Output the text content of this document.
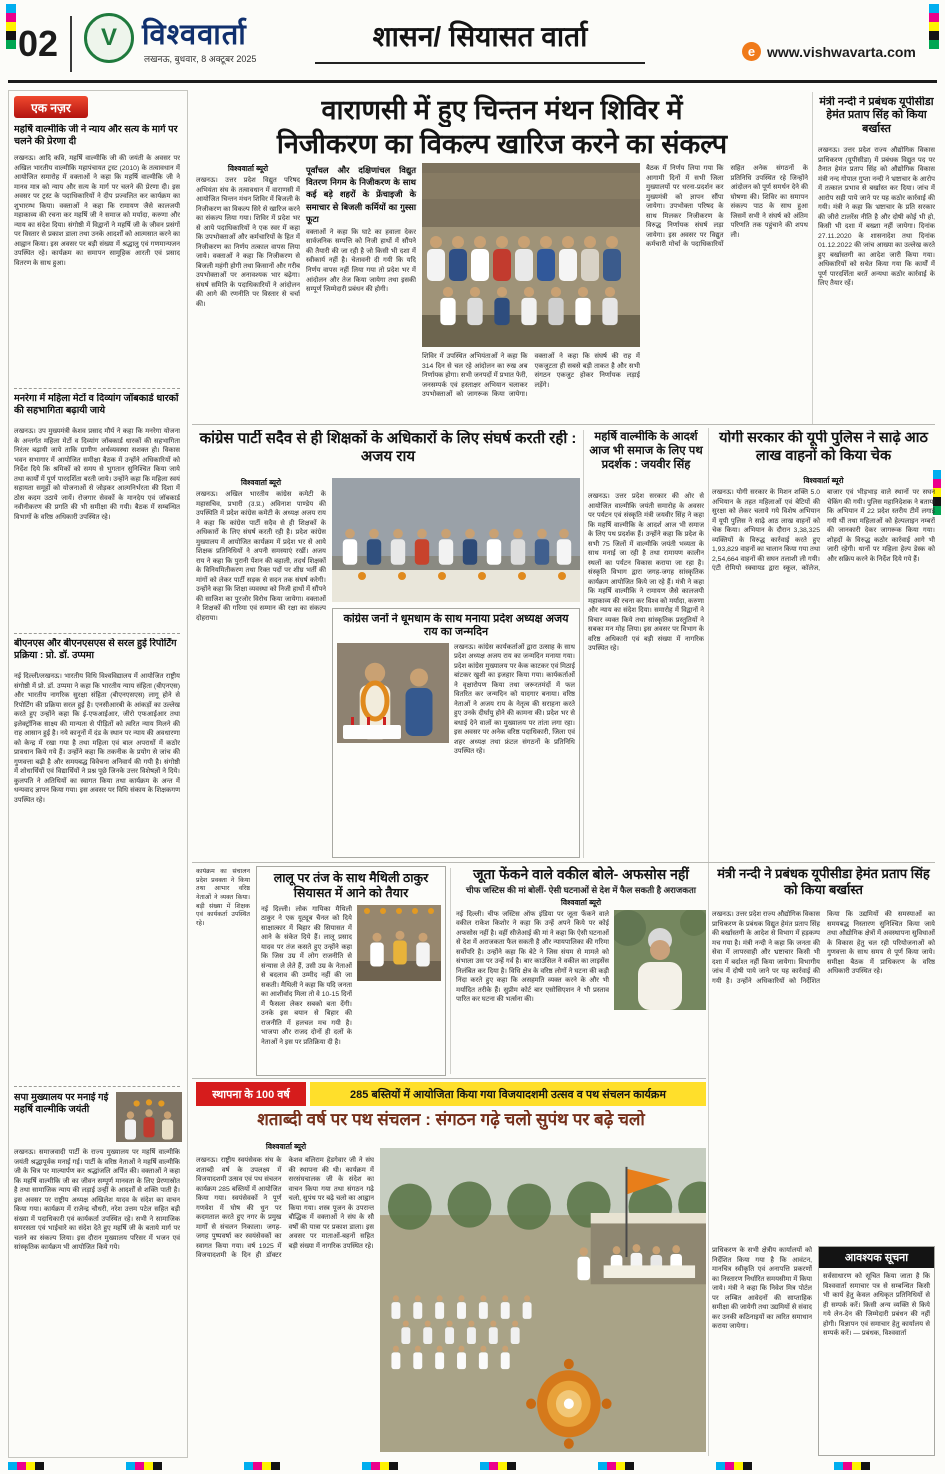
02	V विश्ववार्ता
लखनऊ, बुधवार, 8 अक्टूबर 2025
शासन/ सियासत वार्ता	e www.vishwavarta.com
एक नज़र
महर्षि वाल्मीकि जी ने न्याय और सत्य के मार्ग पर चलने की प्रेरणा दी
लखनऊ। आदि कवि, महर्षि वाल्मीकि जी की जयंती के अवसर पर अखिल भारतीय वाल्मीकि महापंचायत ट्रस्ट (2010) के तत्वावधान में आयोजित समारोह में वक्ताओं ने कहा कि महर्षि वाल्मीकि जी ने मानव मात्र को न्याय और सत्य के मार्ग पर चलने की प्रेरणा दी। इस अवसर पर ट्रस्ट के पदाधिकारियों ने दीप प्रज्वलित कर कार्यक्रम का शुभारम्भ किया। वक्ताओं ने कहा कि रामायण जैसे कालजयी महाकाव्य की रचना कर महर्षि जी ने समाज को मर्यादा, करुणा और न्याय का संदेश दिया। संगोष्ठी में विद्वानों ने महर्षि जी के जीवन प्रसंगों पर विस्तार से प्रकाश डाला तथा उनके आदर्शों को आत्मसात करने का आह्वान किया। इस अवसर पर बड़ी संख्या में श्रद्धालु एवं गणमान्यजन उपस्थित रहे। कार्यक्रम का समापन सामूहिक आरती एवं प्रसाद वितरण के साथ हुआ।
मनरेगा में महिला मेटों व दिव्यांग जॉबकार्ड धारकों की सहभागिता बढ़ायी जाये
लखनऊ। उप मुख्यमंत्री केशव प्रसाद मौर्य ने कहा कि मनरेगा योजना के अन्तर्गत महिला मेटों व दिव्यांग जॉबकार्ड धारकों की सहभागिता निरंतर बढ़ायी जाये ताकि ग्रामीण अर्थव्यवस्था सशक्त हो। विकास भवन सभागार में आयोजित समीक्षा बैठक में उन्होंने अधिकारियों को निर्देश दिये कि श्रमिकों को समय से भुगतान सुनिश्चित किया जाये तथा कार्यों में पूर्ण पारदर्शिता बरती जाये। उन्होंने कहा कि महिला स्वयं सहायता समूहों को योजनाओं से जोड़कर आत्मनिर्भरता की दिशा में ठोस कदम उठाये जायें। रोजगार सेवकों के मानदेय एवं जॉबकार्ड नवीनीकरण की प्रगति की भी समीक्षा की गयी। बैठक में सम्बन्धित विभागों के वरिष्ठ अधिकारी उपस्थित रहे।
बीएनएस और बीएनएसएस से सरल हुई रिपोर्टिंग प्रक्रिया : प्रो. डॉ. उप्पमा
नई दिल्ली/लखनऊ। भारतीय विधि विश्वविद्यालय में आयोजित राष्ट्रीय संगोष्ठी में प्रो. डॉ. उप्पमा ने कहा कि भारतीय न्याय संहिता (बीएनएस) और भारतीय नागरिक सुरक्षा संहिता (बीएनएसएस) लागू होने से रिपोर्टिंग की प्रक्रिया सरल हुई है। एनसीआरबी के आंकड़ों का उल्लेख करते हुए उन्होंने कहा कि ई-एफआईआर, जीरो एफआईआर तथा इलेक्ट्रॉनिक साक्ष्य की मान्यता से पीड़ितों को त्वरित न्याय मिलने की राह आसान हुई है। नये कानूनों में दंड के स्थान पर न्याय की अवधारणा को केन्द्र में रखा गया है तथा महिला एवं बाल अपराधों में कठोर प्रावधान किये गये हैं। उन्होंने कहा कि तकनीक के प्रयोग से जांच की गुणवत्ता बढ़ी है और समयबद्ध विवेचना अनिवार्य की गयी है। संगोष्ठी में शोधार्थियों एवं विद्यार्थियों ने प्रश्न पूछे जिनके उत्तर विशेषज्ञों ने दिये। कुलपति ने अतिथियों का स्वागत किया तथा कार्यक्रम के अन्त में धन्यवाद ज्ञापन किया गया। इस अवसर पर विधि संकाय के शिक्षकगण उपस्थित रहे।
सपा मुख्यालय पर मनाई गई महर्षि वाल्मीकि जयंती
लखनऊ। समाजवादी पार्टी के राज्य मुख्यालय पर महर्षि वाल्मीकि जयंती श्रद्धापूर्वक मनाई गई। पार्टी के वरिष्ठ नेताओं ने महर्षि वाल्मीकि जी के चित्र पर माल्यार्पण कर श्रद्धांजलि अर्पित की। वक्ताओं ने कहा कि महर्षि वाल्मीकि जी का जीवन सम्पूर्ण मानवता के लिए प्रेरणास्रोत है तथा सामाजिक न्याय की लड़ाई उन्हीं के आदर्शों से शक्ति पाती है। इस अवसर पर राष्ट्रीय अध्यक्ष अखिलेश यादव के संदेश का वाचन किया गया। कार्यक्रम में राजेन्द्र चौधरी, नरेश उत्तम पटेल सहित बड़ी संख्या में पदाधिकारी एवं कार्यकर्ता उपस्थित रहे। सभी ने सामाजिक समरसता एवं भाईचारे का संदेश देते हुए महर्षि जी के बताये मार्ग पर चलने का संकल्प लिया। इस दौरान मुख्यालय परिसर में भजन एवं सांस्कृतिक कार्यक्रम भी आयोजित किये गये।
वाराणसी में हुए चिन्तन मंथन शिविर में
निजीकरण का विकल्प खारिज करने का संकल्प
विश्ववार्ता ब्यूरो
लखनऊ। उत्तर प्रदेश विद्युत परिषद अभियंता संघ के तत्वावधान में वाराणसी में आयोजित चिन्तन मंथन शिविर में बिजली के निजीकरण का विकल्प सिरे से खारिज करने का संकल्प लिया गया। शिविर में प्रदेश भर से आये पदाधिकारियों ने एक स्वर में कहा कि उपभोक्ताओं और कर्मचारियों के हित में निजीकरण का निर्णय तत्काल वापस लिया जाये। वक्ताओं ने कहा कि निजीकरण से बिजली महंगी होगी तथा किसानों और गरीब उपभोक्ताओं पर अनावश्यक भार बढ़ेगा। संघर्ष समिति के पदाधिकारियों ने आंदोलन की आगे की रणनीति पर विस्तार से चर्चा की।
पूर्वांचल और दक्षिणांचल विद्युत वितरण निगम के निजीकरण के साथ कई बड़े शहरों के फ्रेंचाइजी के समाचार से बिजली कर्मियों का गुस्सा फूटा
वक्ताओं ने कहा कि घाटे का हवाला देकर सार्वजनिक सम्पत्ति को निजी हाथों में सौंपने की तैयारी की जा रही है जो किसी भी दशा में स्वीकार्य नहीं है। चेतावनी दी गयी कि यदि निर्णय वापस नहीं लिया गया तो प्रदेश भर में आंदोलन और तेज किया जायेगा तथा इसकी सम्पूर्ण जिम्मेदारी प्रबंधन की होगी।
शिविर में उपस्थित अभियंताओं ने कहा कि 314 दिन से चल रहे आंदोलन का रुख अब निर्णायक होगा। सभी जनपदों में प्रभात फेरी, जनसम्पर्क एवं हस्ताक्षर अभियान चलाकर उपभोक्ताओं को जागरूक किया जायेगा। वक्ताओं ने कहा कि संघर्ष की राह में एकजुटता ही सबसे बड़ी ताकत है और सभी संगठन एकजुट होकर निर्णायक लड़ाई लड़ेंगे।
बैठक में निर्णय लिया गया कि आगामी दिनों में सभी जिला मुख्यालयों पर धरना-प्रदर्शन कर मुख्यमंत्री को ज्ञापन सौंपा जायेगा। उपभोक्ता परिषद के साथ मिलकर निजीकरण के विरुद्ध निर्णायक संघर्ष लड़ा जायेगा। इस अवसर पर विद्युत कर्मचारी मोर्चा के पदाधिकारियों सहित अनेक संगठनों के प्रतिनिधि उपस्थित रहे जिन्होंने आंदोलन को पूर्ण समर्थन देने की घोषणा की। शिविर का समापन संकल्प पाठ के साथ हुआ जिसमें सभी ने संघर्ष को अंतिम परिणति तक पहुंचाने की शपथ ली।
मंत्री नन्दी ने प्रबंधक यूपीसीडा हेमंत प्रताप सिंह को किया बर्खास्त
लखनऊ। उत्तर प्रदेश राज्य औद्योगिक विकास प्राधिकरण (यूपीसीडा) में प्रबंधक विद्युत पद पर तैनात हेमंत प्रताप सिंह को औद्योगिक विकास मंत्री नन्द गोपाल गुप्ता नन्दी ने भ्रष्टाचार के आरोप में तत्काल प्रभाव से बर्खास्त कर दिया। जांच में आरोप सही पाये जाने पर यह कठोर कार्रवाई की गयी। मंत्री ने कहा कि भ्रष्टाचार के प्रति सरकार की जीरो टालरेंस नीति है और दोषी कोई भी हो, किसी भी दशा में बख्शा नहीं जायेगा। दिनांक 27.11.2020 के शासनादेश तथा दिनांक 01.12.2022 की जांच आख्या का उल्लेख करते हुए बर्खास्तगी का आदेश जारी किया गया। अधिकारियों को सचेत किया गया कि कार्यों में पूर्ण पारदर्शिता बरतें अन्यथा कठोर कार्रवाई के लिए तैयार रहें।
कांग्रेस पार्टी सदैव से ही शिक्षकों के अधिकारों के लिए संघर्ष करती रही : अजय राय
विश्ववार्ता ब्यूरो
लखनऊ। अखिल भारतीय कांग्रेस कमेटी के महासचिव, प्रभारी (उ.प्र.) अविनाश पाण्डेय की उपस्थिति में प्रदेश कांग्रेस कमेटी के अध्यक्ष अजय राय ने कहा कि कांग्रेस पार्टी सदैव से ही शिक्षकों के अधिकारों के लिए संघर्ष करती रही है। प्रदेश कांग्रेस मुख्यालय में आयोजित कार्यक्रम में प्रदेश भर से आये शिक्षक प्रतिनिधियों ने अपनी समस्याएं रखीं। अजय राय ने कहा कि पुरानी पेंशन की बहाली, तदर्थ शिक्षकों के विनियमितीकरण तथा रिक्त पदों पर शीघ्र भर्ती की मांगों को लेकर पार्टी सड़क से सदन तक संघर्ष करेगी। उन्होंने कहा कि शिक्षा व्यवस्था को निजी हाथों में सौंपने की साजिश का पुरजोर विरोध किया जायेगा। वक्ताओं ने शिक्षकों की गरिमा एवं सम्मान की रक्षा का संकल्प दोहराया।	कांग्रेस जनों ने धूमधाम के साथ मनाया प्रदेश अध्यक्ष अजय राय का जन्मदिन
लखनऊ। कांग्रेस कार्यकर्ताओं द्वारा उत्साह के साथ प्रदेश अध्यक्ष अजय राय का जन्मदिन मनाया गया। प्रदेश कांग्रेस मुख्यालय पर केक काटकर एवं मिठाई बांटकर खुशी का इजहार किया गया। कार्यकर्ताओं ने वृक्षारोपण किया तथा जरूरतमंदों में फल वितरित कर जन्मदिन को यादगार बनाया। वरिष्ठ नेताओं ने अजय राय के नेतृत्व की सराहना करते हुए उनके दीर्घायु होने की कामना की। प्रदेश भर से बधाई देने वालों का मुख्यालय पर तांता लगा रहा। इस अवसर पर अनेक वरिष्ठ पदाधिकारी, जिला एवं शहर अध्यक्ष तथा फ्रंटल संगठनों के प्रतिनिधि उपस्थित रहे।
महर्षि वाल्मीकि के आदर्श आज भी समाज के लिए पथ प्रदर्शक : जयवीर सिंह
लखनऊ। उत्तर प्रदेश सरकार की ओर से आयोजित वाल्मीकि जयंती समारोह के अवसर पर पर्यटन एवं संस्कृति मंत्री जयवीर सिंह ने कहा कि महर्षि वाल्मीकि के आदर्श आज भी समाज के लिए पथ प्रदर्शक हैं। उन्होंने कहा कि प्रदेश के सभी 75 जिलों में वाल्मीकि जयंती भव्यता के साथ मनाई जा रही है तथा रामायण कालीन स्थलों का पर्यटन विकास कराया जा रहा है। संस्कृति विभाग द्वारा जगह-जगह सांस्कृतिक कार्यक्रम आयोजित किये जा रहे हैं। मंत्री ने कहा कि महर्षि वाल्मीकि ने रामायण जैसे कालजयी महाकाव्य की रचना कर विश्व को मर्यादा, करुणा और न्याय का संदेश दिया। समारोह में विद्वानों ने विचार व्यक्त किये तथा सांस्कृतिक प्रस्तुतियों ने सबका मन मोह लिया। इस अवसर पर विभाग के वरिष्ठ अधिकारी एवं बड़ी संख्या में नागरिक उपस्थित रहे।
योगी सरकार की यूपी पुलिस ने साढ़े आठ लाख वाहनों को किया चेक
विश्ववार्ता ब्यूरो
लखनऊ। योगी सरकार के मिशन शक्ति 5.0 अभियान के तहत महिलाओं एवं बेटियों की सुरक्षा को लेकर चलाये गये विशेष अभियान में यूपी पुलिस ने साढ़े आठ लाख वाहनों को चेक किया। अभियान के दौरान 3,38,325 व्यक्तियों के विरुद्ध कार्रवाई करते हुए 1,93,829 वाहनों का चालान किया गया तथा 2,54,664 वाहनों की सघन तलाशी ली गयी। एंटी रोमियो स्क्वायड द्वारा स्कूल, कॉलेज, बाजार एवं भीड़भाड़ वाले स्थानों पर सघन चेकिंग की गयी। पुलिस महानिदेशक ने बताया कि अभियान में 22 प्रदेश स्तरीय टीमें लगाई गयी थीं तथा महिलाओं को हेल्पलाइन नम्बरों की जानकारी देकर जागरूक किया गया। शोहदों के विरुद्ध कठोर कार्रवाई आगे भी जारी रहेगी। थानों पर महिला हेल्प डेस्क को और सक्रिय करने के निर्देश दिये गये हैं।
कार्यक्रम का संचालन प्रदेश प्रवक्ता ने किया तथा आभार वरिष्ठ नेताओं ने व्यक्त किया। बड़ी संख्या में शिक्षक एवं कार्यकर्ता उपस्थित रहे।
लालू पर तंज के साथ मैथिली ठाकुर सियासत में आने को तैयार
नई दिल्ली। लोक गायिका मैथिली ठाकुर ने एक यूट्यूब चैनल को दिये साक्षात्कार में बिहार की सियासत में आने के संकेत दिये हैं। लालू प्रसाद यादव पर तंज कसते हुए उन्होंने कहा कि जिस उम्र में लोग राजनीति से संन्यास ले लेते हैं, उसी उम्र के नेताओं से बदलाव की उम्मीद नहीं की जा सकती। मैथिली ने कहा कि यदि जनता का आशीर्वाद मिला तो वे 10-15 दिनों में फैसला लेकर सबको बता देंगी। उनके इस बयान से बिहार की राजनीति में हलचल मच गयी है। भाजपा और राजद दोनों ही दलों के नेताओं ने इस पर प्रतिक्रिया दी है।
जूता फेंकने वाले वकील बोले- अफसोस नहीं
चीफ जस्टिस की मां बोलीं- ऐसी घटनाओं से देश में फैल सकती है अराजकता
विश्ववार्ता ब्यूरो
नई दिल्ली। चीफ जस्टिस ऑफ इंडिया पर जूता फेंकने वाले वकील राकेश किशोर ने कहा कि उन्हें अपने किये पर कोई अफसोस नहीं है। वहीं सीजेआई की मां ने कहा कि ऐसी घटनाओं से देश में अराजकता फैल सकती है और न्यायपालिका की गरिमा सर्वोपरि है। उन्होंने कहा कि बेटे ने जिस संयम से मामले को संभाला उस पर उन्हें गर्व है। बार काउंसिल ने वकील का लाइसेंस निलंबित कर दिया है। विधि क्षेत्र के वरिष्ठ लोगों ने घटना की कड़ी निंदा करते हुए कहा कि असहमति व्यक्त करने के और भी मर्यादित तरीके हैं। सुप्रीम कोर्ट बार एसोसिएशन ने भी प्रस्ताव पारित कर घटना की भर्त्सना की।
मंत्री नन्दी ने प्रबंधक यूपीसीडा हेमंत प्रताप सिंह को किया बर्खास्त
लखनऊ। उत्तर प्रदेश राज्य औद्योगिक विकास प्राधिकरण के प्रबंधक विद्युत हेमंत प्रताप सिंह की बर्खास्तगी के आदेश से विभाग में हड़कम्प मच गया है। मंत्री नन्दी ने कहा कि जनता की सेवा में लापरवाही और भ्रष्टाचार किसी भी दशा में बर्दाश्त नहीं किया जायेगा। विभागीय जांच में दोषी पाये जाने पर यह कार्रवाई की गयी है। उन्होंने अधिकारियों को निर्देशित किया कि उद्यमियों की समस्याओं का समयबद्ध निस्तारण सुनिश्चित किया जाये तथा औद्योगिक क्षेत्रों में अवस्थापना सुविधाओं के विकास हेतु चल रही परियोजनाओं को गुणवत्ता के साथ समय से पूर्ण किया जाये। समीक्षा बैठक में प्राधिकरण के वरिष्ठ अधिकारी उपस्थित रहे।
प्राधिकरण के सभी क्षेत्रीय कार्यालयों को निर्देशित किया गया है कि आवंटन, मानचित्र स्वीकृति एवं अनापत्ति प्रकरणों का निस्तारण निर्धारित समयसीमा में किया जाये। मंत्री ने कहा कि निवेश मित्र पोर्टल पर लम्बित आवेदनों की साप्ताहिक समीक्षा की जायेगी तथा उद्यमियों से संवाद कर उनकी कठिनाइयों का त्वरित समाधान कराया जायेगा।
आवश्यक सूचना
सर्वसाधारण को सूचित किया जाता है कि विश्ववार्ता समाचार पत्र से सम्बन्धित किसी भी कार्य हेतु केवल अधिकृत प्रतिनिधियों से ही सम्पर्क करें। किसी अन्य व्यक्ति से किये गये लेन-देन की जिम्मेदारी प्रबंधन की नहीं होगी। विज्ञापन एवं समाचार हेतु कार्यालय से सम्पर्क करें। — प्रबंधक, विश्ववार्ता
स्थापना के 100 वर्ष	285 बस्तियों में आयोजिता किया गया विजयादशमी उत्सव व पथ संचलन कार्यक्रम
शताब्दी वर्ष पर पथ संचलन : संगठन गढ़े चलो सुपंथ पर बढ़े चलो
विश्ववार्ता ब्यूरो
लखनऊ। राष्ट्रीय स्वयंसेवक संघ के शताब्दी वर्ष के उपलक्ष्य में विजयादशमी उत्सव एवं पथ संचलन कार्यक्रम 285 बस्तियों में आयोजित किया गया। स्वयंसेवकों ने पूर्ण गणवेश में घोष की धुन पर कदमताल करते हुए नगर के प्रमुख मार्गों से संचलन निकाला। जगह-जगह पुष्पवर्षा कर स्वयंसेवकों का स्वागत किया गया। वर्ष 1925 में विजयादशमी के दिन ही डॉक्टर केशव बलिराम हेडगेवार जी ने संघ की स्थापना की थी। कार्यक्रम में सरसंघचालक जी के संदेश का वाचन किया गया तथा संगठन गढ़े चलो, सुपंथ पर बढ़े चलो का आह्वान किया गया। शस्त्र पूजन के उपरान्त बौद्धिक में वक्ताओं ने संघ के सौ वर्षों की यात्रा पर प्रकाश डाला। इस अवसर पर माताओं-बहनों सहित बड़ी संख्या में नागरिक उपस्थित रहे।
